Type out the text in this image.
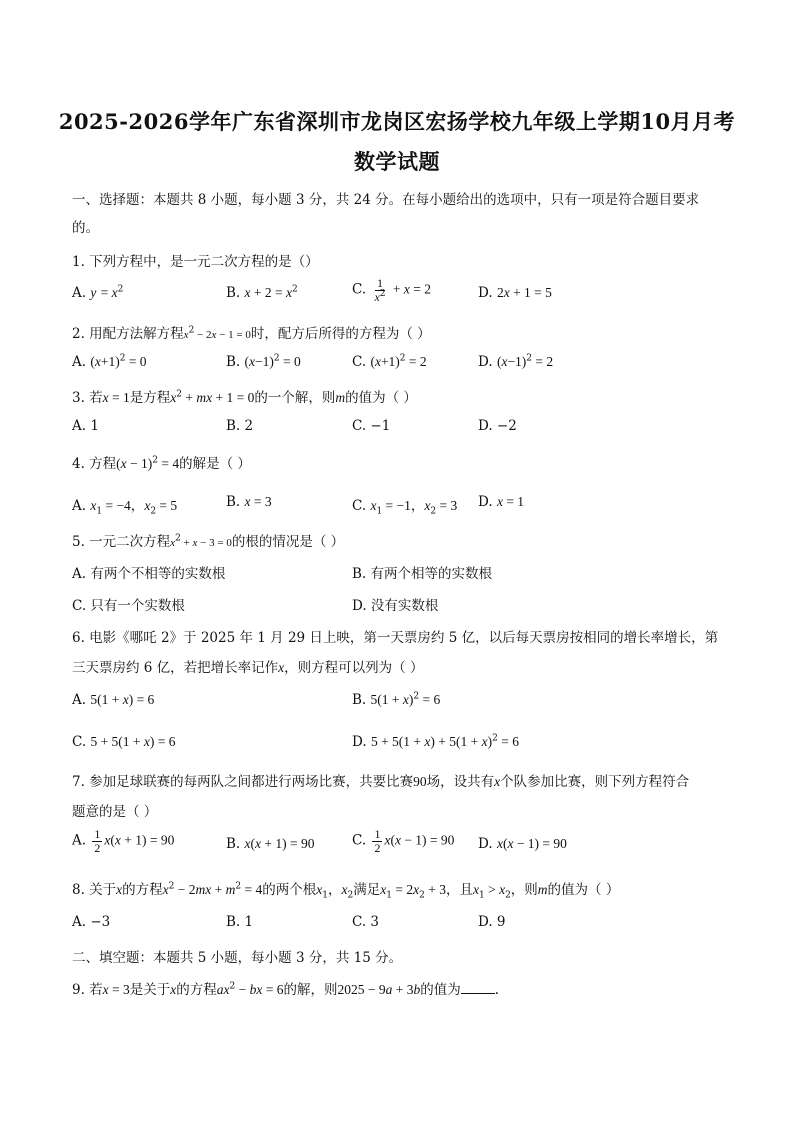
2025-2026学年广东省深圳市龙岗区宏扬学校九年级上学期10月月考
数学试题
一、选择题：本题共 8 小题，每小题 3 分，共 24 分。在每小题给出的选项中，只有一项是符合题目要求
的。
1. 下列方程中，是一元二次方程的是（）
A. $y = x^2$	B. $x + 2 = x^2$	C. $\frac{1}{x^2} + x = 2$	D. 2x + 1 = 5
2. 用配方法解方程$x^2 - 2x - 1 = 0$时，配方后所得的方程为（ ）
A. $(x+1)^2 = 0$	B. $(x-1)^2 = 0$	C. $(x+1)^2 = 2$	D. $(x-1)^2 = 2$
3. 若x = 1是方程$x^2$ + mx + 1 = 0的一个解，则m的值为（ ）
A. 1	B. 2	C. −1	D. −2
4. 方程$(x - 1)^2 = 4$的解是（ ）
A. $x_1 = -4$，$x_2 = 5$	B. x = 3	C. $x_1 = -1$，$x_2 = 3$ D. x = 1
5. 一元二次方程$x^2 + x - 3 = 0$的根的情况是（ ）
A. 有两个不相等的实数根	B. 有两个相等的实数根
C. 只有一个实数根	D. 没有实数根
6. 电影《哪吒 2》于 2025 年 1 月 29 日上映，第一天票房约 5 亿，以后每天票房按相同的增长率增长，第
三天票房约 6 亿，若把增长率记作x，则方程可以列为（ ）
A. 5(1 + x) = 6	B. $5(1 + x)^2 = 6$
C. 5 + 5(1 + x) = 6	D. $5 + 5(1 + x) + 5(1 + x)^2 = 6$
7. 参加足球联赛的每两队之间都进行两场比赛，共要比赛90场，设共有x个队参加比赛，则下列方程符合
题意的是（ ）
A. $\frac{1}{2} x(x + 1) = 90$	B. x(x + 1) = 90	C. $\frac{1}{2} x(x - 1) = 90$ D. x(x − 1) = 90
8. 关于x的方程$x^2 - 2mx + m^2 = 4$的两个根$x_1$，$x_2$满足$x_1 = 2x_2 + 3$，且$x_1 > x_2$，则m的值为（ ）
A. −3	B. 1	C. 3	D. 9
二、填空题：本题共 5 小题，每小题 3 分，共 15 分。
9. 若x = 3是关于x的方程$ax^2$ − bx = 6的解，则2025 − 9a + 3b的值为	.
